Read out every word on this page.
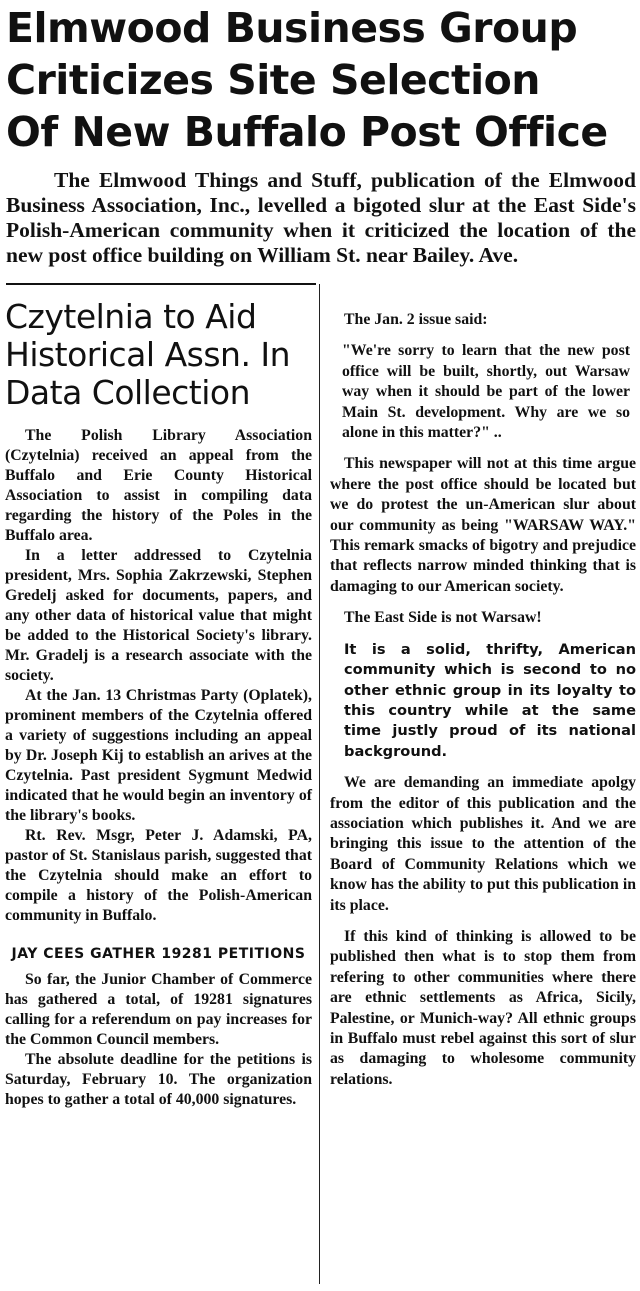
Elmwood Business Group
Criticizes Site Selection
Of New Buffalo Post Office

The Elmwood Things and Stuff, publication of the Elmwood Business Association, Inc., levelled a bigoted slur at the East Side's Polish-American community when it criticized the location of the new post office building on William St. near Bailey. Ave.

Czytelnia to Aid Historical Assn. In Data Collection

The Polish Library Association (Czytelnia) received an appeal from the Buffalo and Erie County Historical Association to assist in compiling data regarding the history of the Poles in the Buffalo area.

In a letter addressed to Czytelnia president, Mrs. Sophia Zakrzewski, Stephen Gredelj asked for documents, papers, and any other data of historical value that might be added to the Historical Society's library. Mr. Gradelj is a research associate with the society.

At the Jan. 13 Christmas Party (Oplatek), prominent members of the Czytelnia offered a variety of suggestions including an appeal by Dr. Joseph Kij to establish an arives at the Czytelnia. Past president Sygmunt Medwid indicated that he would begin an inventory of the library's books.

Rt. Rev. Msgr, Peter J. Adamski, PA, pastor of St. Stanislaus parish, suggested that the Czytelnia should make an effort to compile a history of the Polish-American community in Buffalo.

JAY CEES GATHER 19281 PETITIONS

So far, the Junior Chamber of Commerce has gathered a total, of 19281 signatures calling for a referendum on pay increases for the Common Council members.

The absolute deadline for the petitions is Saturday, February 10. The organization hopes to gather a total of 40,000 signatures.

The Jan. 2 issue said:

"We're sorry to learn that the new post office will be built, shortly, out Warsaw way when it should be part of the lower Main St. development. Why are we so alone in this matter?" ..

This newspaper will not at this time argue where the post office should be located but we do protest the un-American slur about our community as being "WARSAW WAY." This remark smacks of bigotry and prejudice that reflects narrow minded thinking that is damaging to our American society.

The East Side is not Warsaw!

It is a solid, thrifty, American community which is second to no other ethnic group in its loyalty to this country while at the same time justly proud of its national background.

We are demanding an immediate apolgy from the editor of this publication and the association which publishes it. And we are bringing this issue to the attention of the Board of Community Relations which we know has the ability to put this publication in its place.

If this kind of thinking is allowed to be published then what is to stop them from refering to other communities where there are ethnic settlements as Africa, Sicily, Palestine, or Munich-way? All ethnic groups in Buffalo must rebel against this sort of slur as damaging to wholesome community relations.
